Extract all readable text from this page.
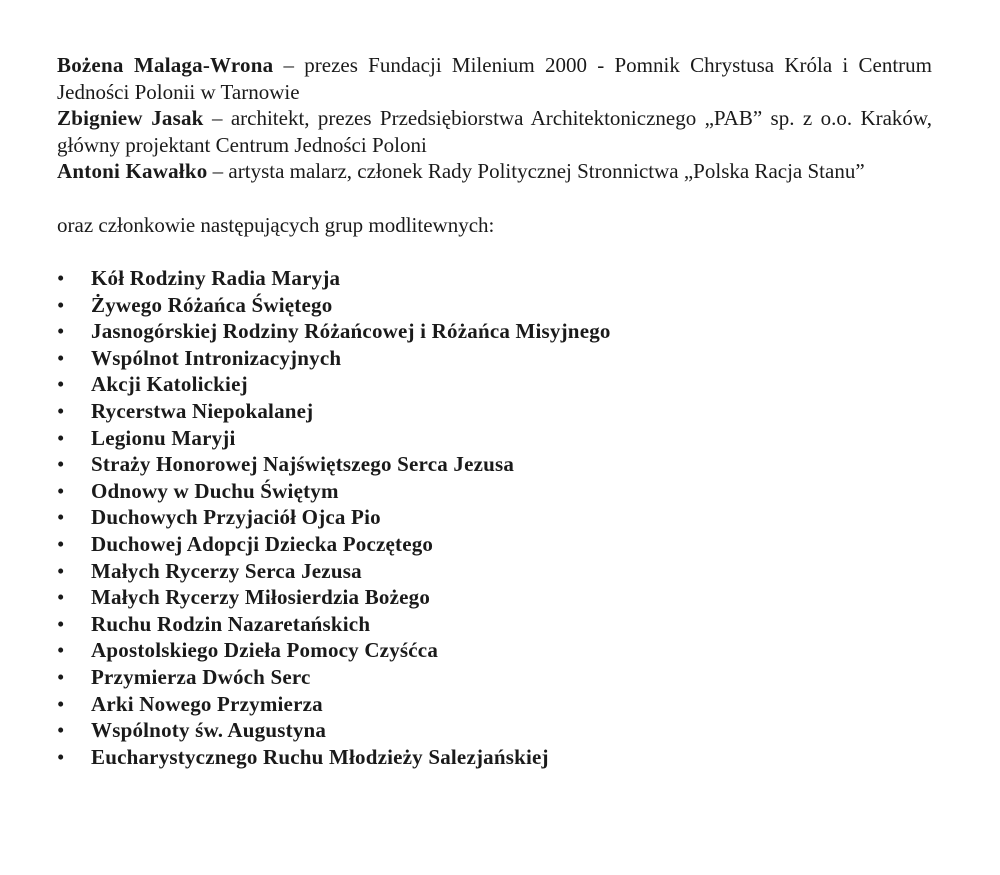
Bożena Malaga-Wrona – prezes Fundacji Milenium 2000 - Pomnik Chrystusa Króla i Centrum Jedności Polonii w Tarnowie
Zbigniew Jasak – architekt, prezes Przedsiębiorstwa Architektonicznego „PAB” sp. z o.o. Kraków, główny projektant Centrum Jedności Poloni
Antoni Kawałko – artysta malarz, członek Rady Politycznej Stronnictwa „Polska Racja Stanu”
oraz członkowie następujących grup modlitewnych:
• Kół Rodziny Radia Maryja
• Żywego Różańca Świętego
• Jasnogórskiej Rodziny Różańcowej i Różańca Misyjnego
• Wspólnot Intronizacyjnych
• Akcji Katolickiej
• Rycerstwa Niepokalanej
• Legionu Maryji
• Straży Honorowej Najświętszego Serca Jezusa
• Odnowy w Duchu Świętym
• Duchowych Przyjaciół Ojca Pio
• Duchowej Adopcji Dziecka Poczętego
• Małych Rycerzy Serca Jezusa
• Małych Rycerzy Miłosierdzia Bożego
• Ruchu Rodzin Nazaretańskich
• Apostolskiego Dzieła Pomocy Czyśćca
• Przymierza Dwóch Serc
• Arki Nowego Przymierza
• Wspólnoty św. Augustyna
• Eucharystycznego Ruchu Młodzieży Salezjańskiej
